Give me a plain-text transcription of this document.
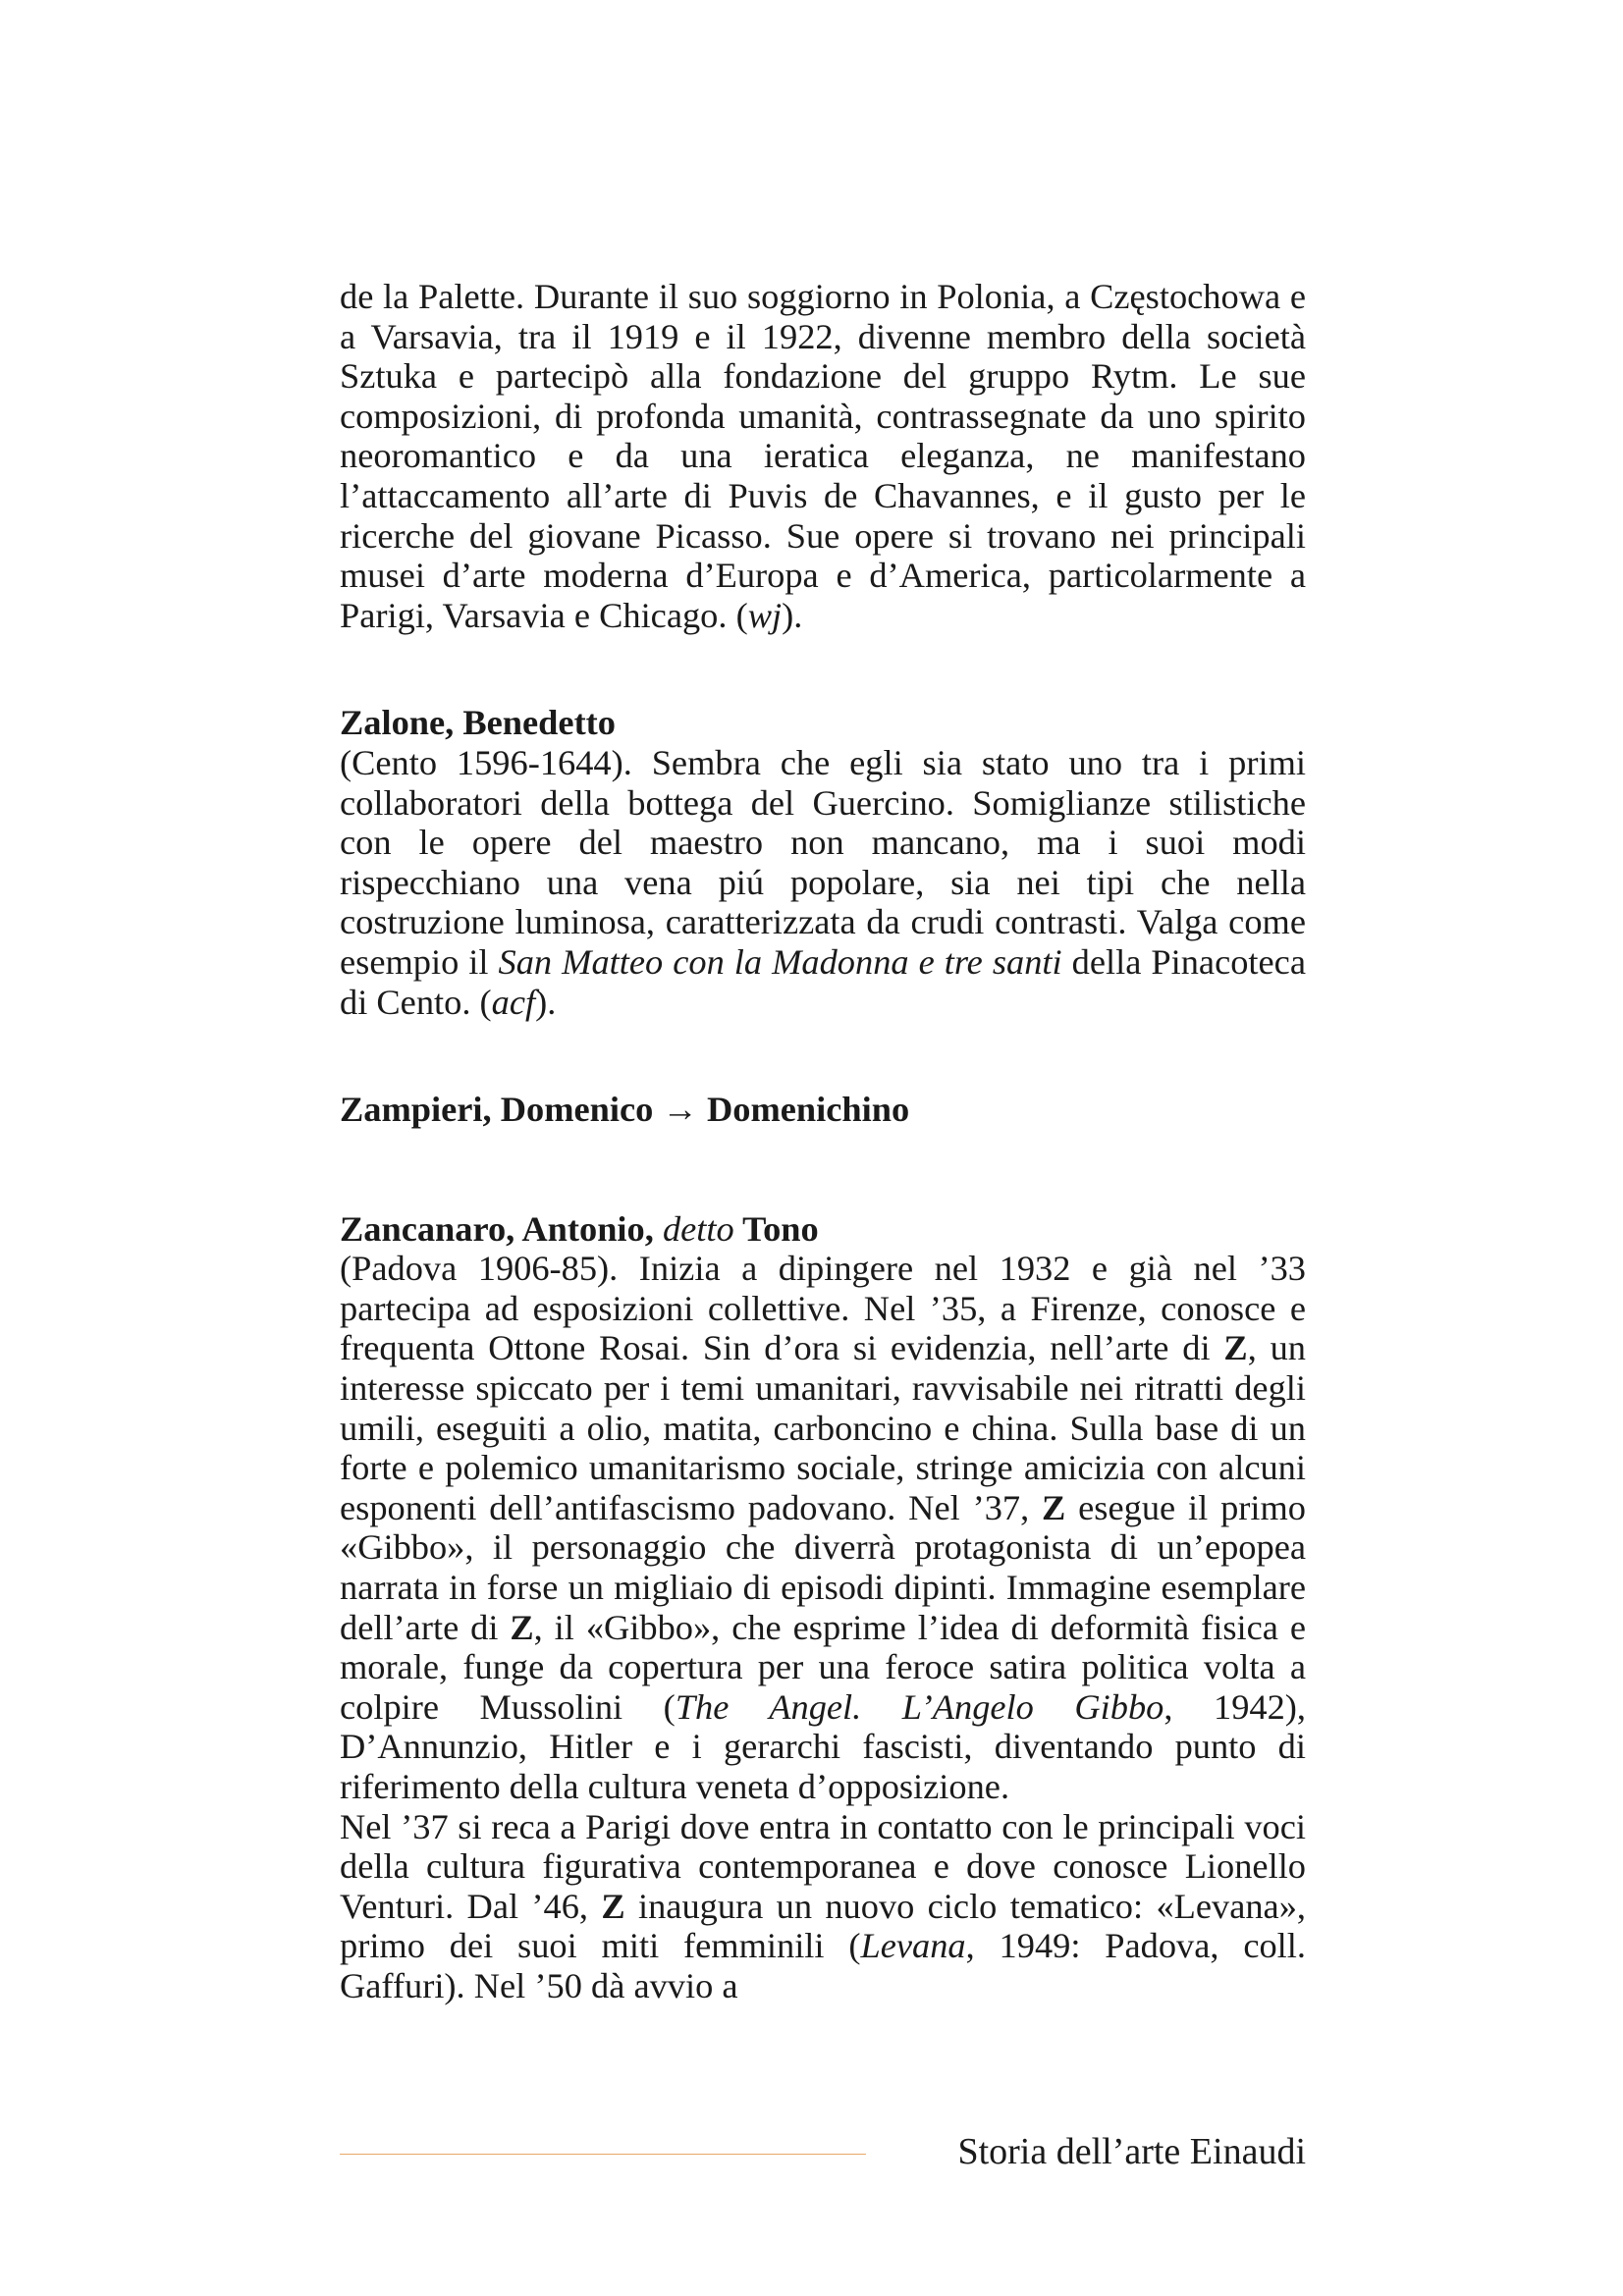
de la Palette. Durante il suo soggiorno in Polonia, a Częstochowa e a Varsavia, tra il 1919 e il 1922, divenne membro della società Sztuka e partecipò alla fondazione del gruppo Rytm. Le sue composizioni, di profonda umanità, contrassegnate da uno spirito neoromantico e da una ieratica eleganza, ne manifestano l’attaccamento all’arte di Puvis de Chavannes, e il gusto per le ricerche del giovane Picasso. Sue opere si trovano nei principali musei d’arte moderna d’Europa e d’America, particolarmente a Parigi, Varsavia e Chicago. (wj).

Zalone, Benedetto

(Cento 1596-1644). Sembra che egli sia stato uno tra i primi collaboratori della bottega del Guercino. Somiglianze stilistiche con le opere del maestro non mancano, ma i suoi modi rispecchiano una vena piú popolare, sia nei tipi che nella costruzione luminosa, caratterizzata da crudi contrasti. Valga come esempio il San Matteo con la Madonna e tre santi della Pinacoteca di Cento. (acf).

Zampieri, Domenico → Domenichino
Zancanaro, Antonio, detto Tono

(Padova 1906-85). Inizia a dipingere nel 1932 e già nel ’33 partecipa ad esposizioni collettive. Nel ’35, a Firenze, conosce e frequenta Ottone Rosai. Sin d’ora si evidenzia, nell’arte di Z, un interesse spiccato per i temi umanitari, ravvisabile nei ritratti degli umili, eseguiti a olio, matita, carboncino e china. Sulla base di un forte e polemico umanitarismo sociale, stringe amicizia con alcuni esponenti dell’antifascismo padovano. Nel ’37, Z esegue il primo «Gibbo», il personaggio che diverrà protagonista di un’epopea narrata in forse un migliaio di episodi dipinti. Immagine esemplare dell’arte di Z, il «Gibbo», che esprime l’idea di deformità fisica e morale, funge da copertura per una feroce satira politica volta a colpire Mussolini (The Angel. L’Angelo Gibbo, 1942), D’Annunzio, Hitler e i gerarchi fascisti, diventando punto di riferimento della cultura veneta d’opposizione.

Nel ’37 si reca a Parigi dove entra in contatto con le principali voci della cultura figurativa contemporanea e dove conosce Lionello Venturi. Dal ’46, Z inaugura un nuovo ciclo tematico: «Levana», primo dei suoi miti femminili (Levana, 1949: Padova, coll. Gaffuri). Nel ’50 dà avvio a

Storia dell’arte Einaudi
